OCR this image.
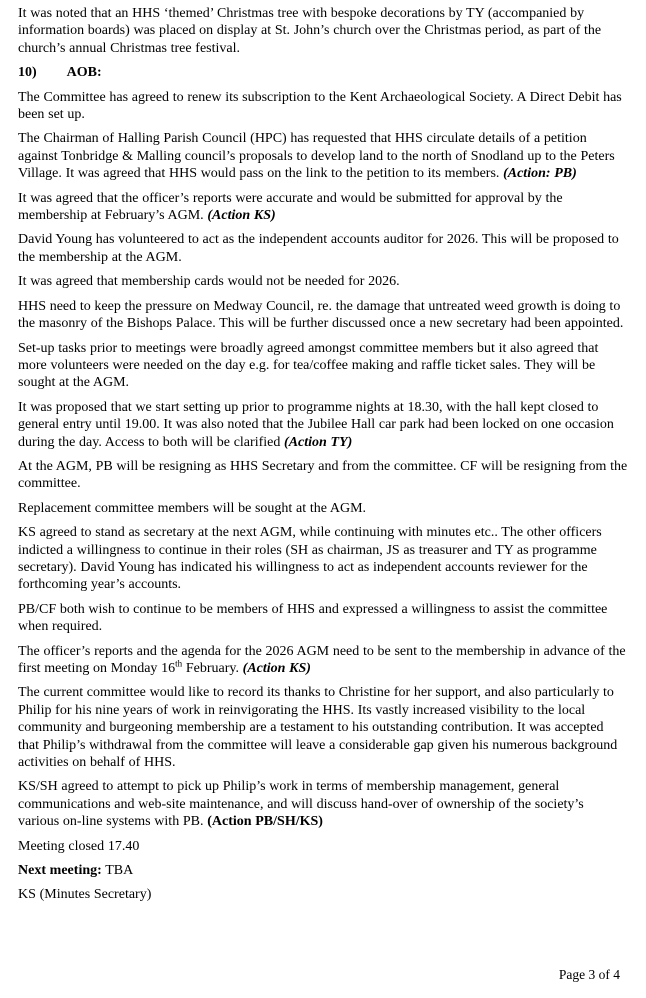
It was noted that an HHS ‘themed’ Christmas tree with bespoke decorations by TY (accompanied by information boards) was placed on display at St. John’s church over the Christmas period, as part of the church’s annual Christmas tree festival.

10) AOB:

The Committee has agreed to renew its subscription to the Kent Archaeological Society. A Direct Debit has been set up.

The Chairman of Halling Parish Council (HPC) has requested that HHS circulate details of a petition against Tonbridge & Malling council’s proposals to develop land to the north of Snodland up to the Peters Village. It was agreed that HHS would pass on the link to the petition to its members. (Action: PB)

It was agreed that the officer’s reports were accurate and would be submitted for approval by the membership at February’s AGM. (Action KS)

David Young has volunteered to act as the independent accounts auditor for 2026. This will be proposed to the membership at the AGM.

It was agreed that membership cards would not be needed for 2026.

HHS need to keep the pressure on Medway Council, re. the damage that untreated weed growth is doing to the masonry of the Bishops Palace. This will be further discussed once a new secretary had been appointed.

Set-up tasks prior to meetings were broadly agreed amongst committee members but it also agreed that more volunteers were needed on the day e.g. for tea/coffee making and raffle ticket sales. They will be sought at the AGM.

It was proposed that we start setting up prior to programme nights at 18.30, with the hall kept closed to general entry until 19.00. It was also noted that the Jubilee Hall car park had been locked on one occasion during the day. Access to both will be clarified (Action TY)

At the AGM, PB will be resigning as HHS Secretary and from the committee. CF will be resigning from the committee.

Replacement committee members will be sought at the AGM.

KS agreed to stand as secretary at the next AGM, while continuing with minutes etc.. The other officers indicted a willingness to continue in their roles (SH as chairman, JS as treasurer and TY as programme secretary). David Young has indicated his willingness to act as independent accounts reviewer for the forthcoming year’s accounts.

PB/CF both wish to continue to be members of HHS and expressed a willingness to assist the committee when required.

The officer’s reports and the agenda for the 2026 AGM need to be sent to the membership in advance of the first meeting on Monday 16th February. (Action KS)

The current committee would like to record its thanks to Christine for her support, and also particularly to Philip for his nine years of work in reinvigorating the HHS. Its vastly increased visibility to the local community and burgeoning membership are a testament to his outstanding contribution. It was accepted that Philip’s withdrawal from the committee will leave a considerable gap given his numerous background activities on behalf of HHS.

KS/SH agreed to attempt to pick up Philip’s work in terms of membership management, general communications and web-site maintenance, and will discuss hand-over of ownership of the society’s various on-line systems with PB. (Action PB/SH/KS)

Meeting closed 17.40

Next meeting: TBA

KS (Minutes Secretary)

Page 3 of 4
